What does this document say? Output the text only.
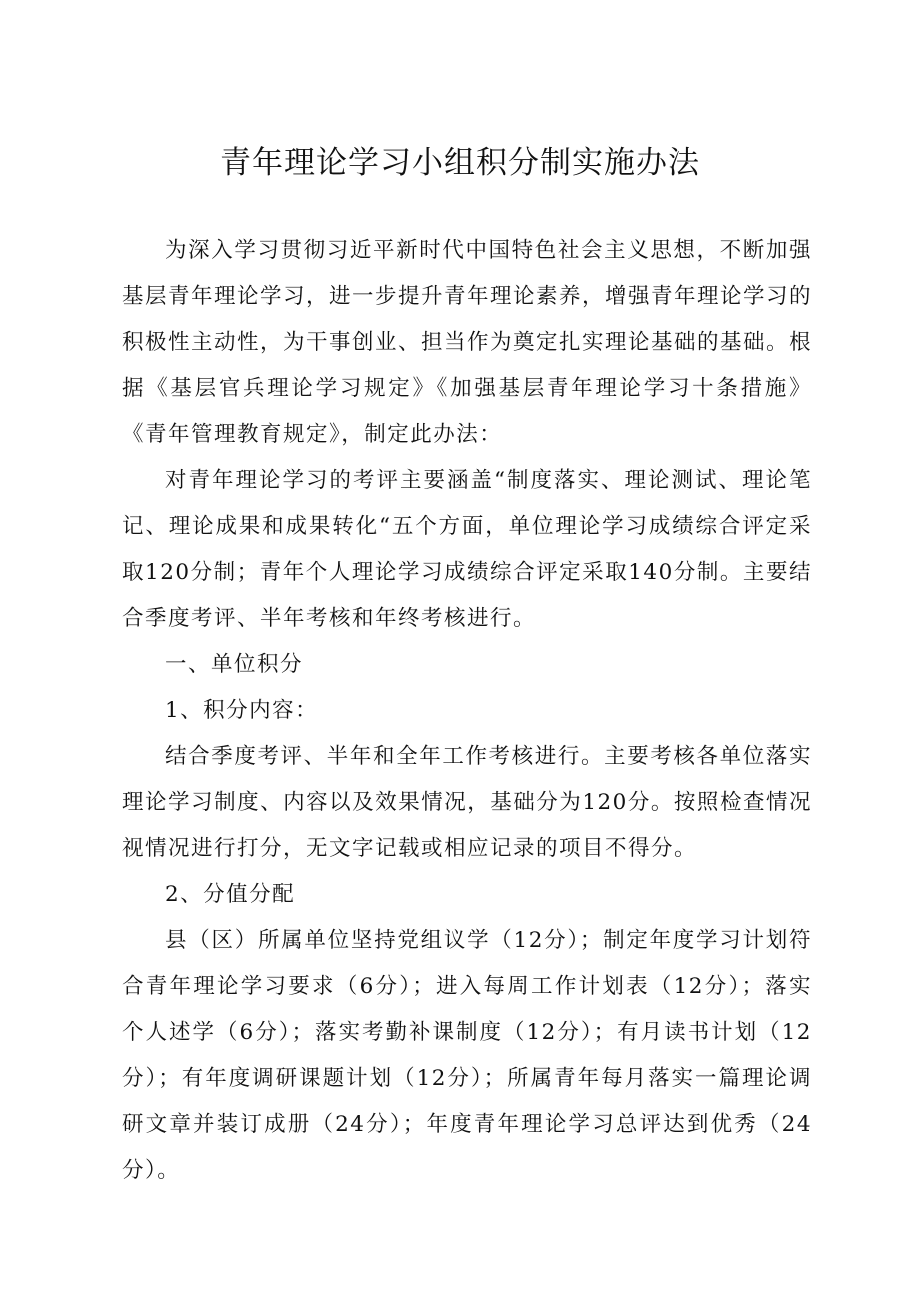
青年理论学习小组积分制实施办法

为深入学习贯彻习近平新时代中国特色社会主义思想，不断加强基层青年理论学习，进一步提升青年理论素养，增强青年理论学习的积极性主动性，为干事创业、担当作为奠定扎实理论基础的基础。根据《基层官兵理论学习规定》《加强基层青年理论学习十条措施》《青年管理教育规定》，制定此办法：

对青年理论学习的考评主要涵盖“制度落实、理论测试、理论笔记、理论成果和成果转化“五个方面，单位理论学习成绩综合评定采取120分制；青年个人理论学习成绩综合评定采取140分制。主要结合季度考评、半年考核和年终考核进行。

一、单位积分

1、积分内容：

结合季度考评、半年和全年工作考核进行。主要考核各单位落实理论学习制度、内容以及效果情况，基础分为120分。按照检查情况视情况进行打分，无文字记载或相应记录的项目不得分。

2、分值分配

县（区）所属单位坚持党组议学（12分）；制定年度学习计划符合青年理论学习要求（6分）；进入每周工作计划表（12分）；落实个人述学（6分）；落实考勤补课制度（12分）；有月读书计划（12分）；有年度调研课题计划（12分）；所属青年每月落实一篇理论调研文章并装订成册（24分）；年度青年理论学习总评达到优秀（24分）。
